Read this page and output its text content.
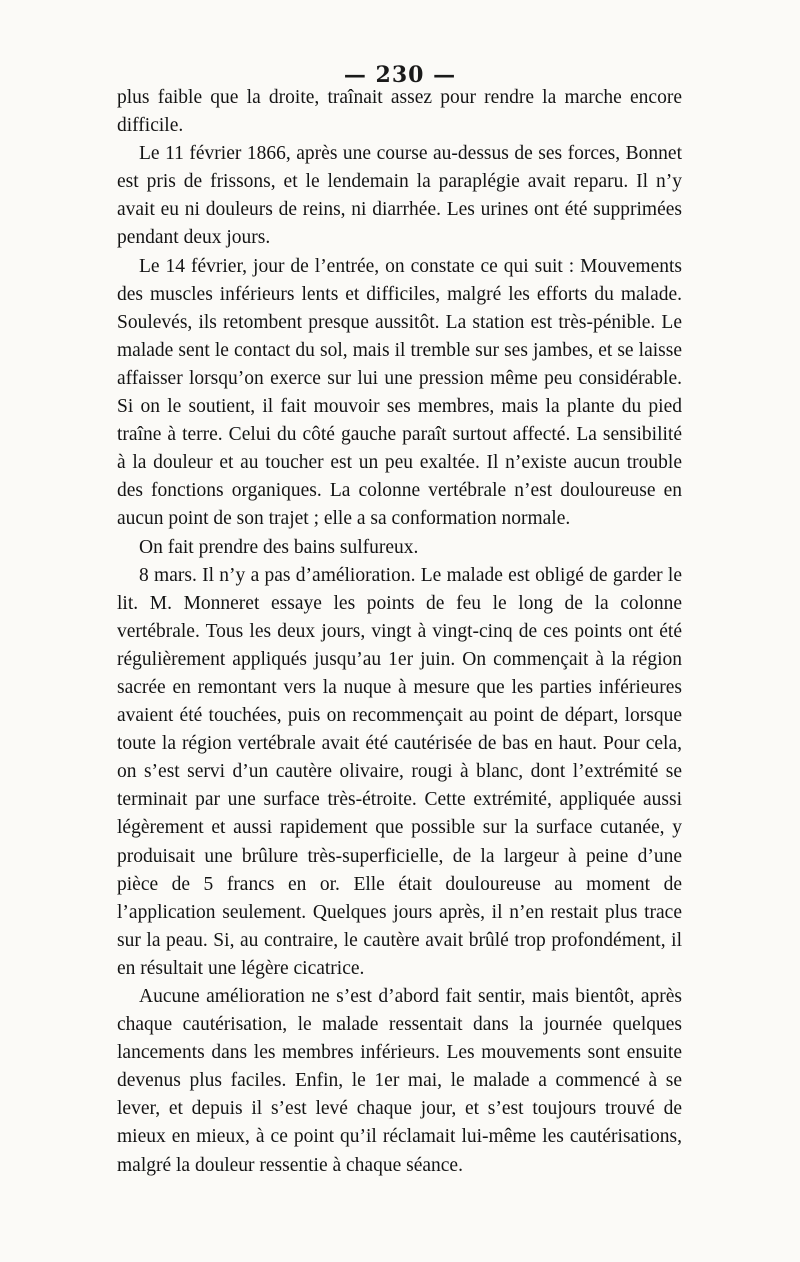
— 230 —

plus faible que la droite, traînait assez pour rendre la marche encore difficile.

Le 11 février 1866, après une course au-dessus de ses forces, Bonnet est pris de frissons, et le lendemain la paraplégie avait reparu. Il n’y avait eu ni douleurs de reins, ni diarrhée. Les urines ont été supprimées pendant deux jours.

Le 14 février, jour de l’entrée, on constate ce qui suit : Mouvements des muscles inférieurs lents et difficiles, malgré les efforts du malade. Soulevés, ils retombent presque aussitôt. La station est très-pénible. Le malade sent le contact du sol, mais il tremble sur ses jambes, et se laisse affaisser lorsqu’on exerce sur lui une pression même peu considérable. Si on le soutient, il fait mouvoir ses membres, mais la plante du pied traîne à terre. Celui du côté gauche paraît surtout affecté. La sensibilité à la douleur et au toucher est un peu exaltée. Il n’existe aucun trouble des fonctions organiques. La colonne vertébrale n’est douloureuse en aucun point de son trajet ; elle a sa conformation normale.

On fait prendre des bains sulfureux.

8 mars. Il n’y a pas d’amélioration. Le malade est obligé de garder le lit. M. Monneret essaye les points de feu le long de la colonne vertébrale. Tous les deux jours, vingt à vingt-cinq de ces points ont été régulièrement appliqués jusqu’au 1er juin. On commençait à la région sacrée en remontant vers la nuque à mesure que les parties inférieures avaient été touchées, puis on recommençait au point de départ, lorsque toute la région vertébrale avait été cautérisée de bas en haut. Pour cela, on s’est servi d’un cautère olivaire, rougi à blanc, dont l’extrémité se terminait par une surface très-étroite. Cette extrémité, appliquée aussi légèrement et aussi rapidement que possible sur la surface cutanée, y produisait une brûlure très-superficielle, de la largeur à peine d’une pièce de 5 francs en or. Elle était douloureuse au moment de l’application seulement. Quelques jours après, il n’en restait plus trace sur la peau. Si, au contraire, le cautère avait brûlé trop profondément, il en résultait une légère cicatrice.

Aucune amélioration ne s’est d’abord fait sentir, mais bientôt, après chaque cautérisation, le malade ressentait dans la journée quelques lancements dans les membres inférieurs. Les mouvements sont ensuite devenus plus faciles. Enfin, le 1er mai, le malade a commencé à se lever, et depuis il s’est levé chaque jour, et s’est toujours trouvé de mieux en mieux, à ce point qu’il réclamait lui-même les cautérisations, malgré la douleur ressentie à chaque séance.
